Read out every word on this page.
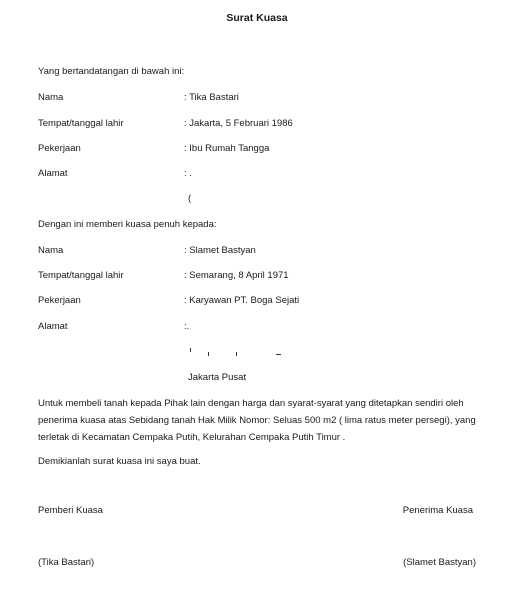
Surat Kuasa
Yang bertandatangan di bawah ini:
Nama	: Tika Bastari
Tempat/tanggal lahir	: Jakarta, 5 Februari 1986
Pekerjaan	: Ibu Rumah Tangga
Alamat	: .
(
Dengan ini memberi kuasa penuh kepada:
Nama	: Slamet Bastyan
Tempat/tanggal lahir	: Semarang, 8 April 1971
Pekerjaan	: Karyawan PT. Boga Sejati
Alamat	:.
Jakarta Pusat
Untuk membeli tanah kepada Pihak lain dengan harga dan syarat-syarat yang ditetapkan sendiri oleh penerima kuasa atas Sebidang tanah Hak Milik Nomor: Seluas 500 m2 ( lima ratus meter persegi), yang terletak di Kecamatan Cempaka Putih, Kelurahan Cempaka Putih Timur .
Demikianlah surat kuasa ini saya buat.
Pemberi Kuasa	Penerima Kuasa
(Tika Bastari)	(Slamet Bastyan)
